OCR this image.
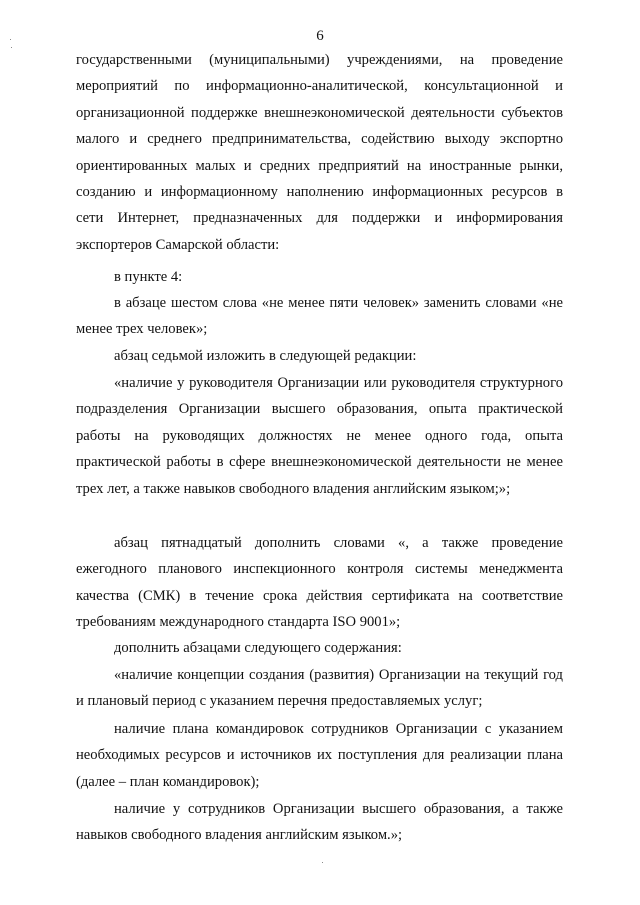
6
государственными (муниципальными) учреждениями, на проведение мероприятий по информационно-аналитической, консультационной и организационной поддержке внешнеэкономической деятельности субъектов малого и среднего предпринимательства, содействию выходу экспортно ориентированных малых и средних предприятий на иностранные рынки, созданию и информационному наполнению информационных ресурсов в сети Интернет, предназначенных для поддержки и информирования экспортеров Самарской области:
в пункте 4:
в абзаце шестом слова «не менее пяти человек» заменить словами «не менее трех человек»;
абзац седьмой изложить в следующей редакции:
«наличие у руководителя Организации или руководителя структурного подразделения Организации высшего образования, опыта практической работы на руководящих должностях не менее одного года, опыта практической работы в сфере внешнеэкономической деятельности не менее трех лет, а также навыков свободного владения английским языком;»;
абзац пятнадцатый дополнить словами «, а также проведение ежегодного планового инспекционного контроля системы менеджмента качества (СМК) в течение срока действия сертификата на соответствие требованиям международного стандарта ISO 9001»;
дополнить абзацами следующего содержания:
«наличие концепции создания (развития) Организации на текущий год и плановый период с указанием перечня предоставляемых услуг;
наличие плана командировок сотрудников Организации с указанием необходимых ресурсов и источников их поступления для реализации плана (далее – план командировок);
наличие у сотрудников Организации высшего образования, а также навыков свободного владения английским языком.»;
